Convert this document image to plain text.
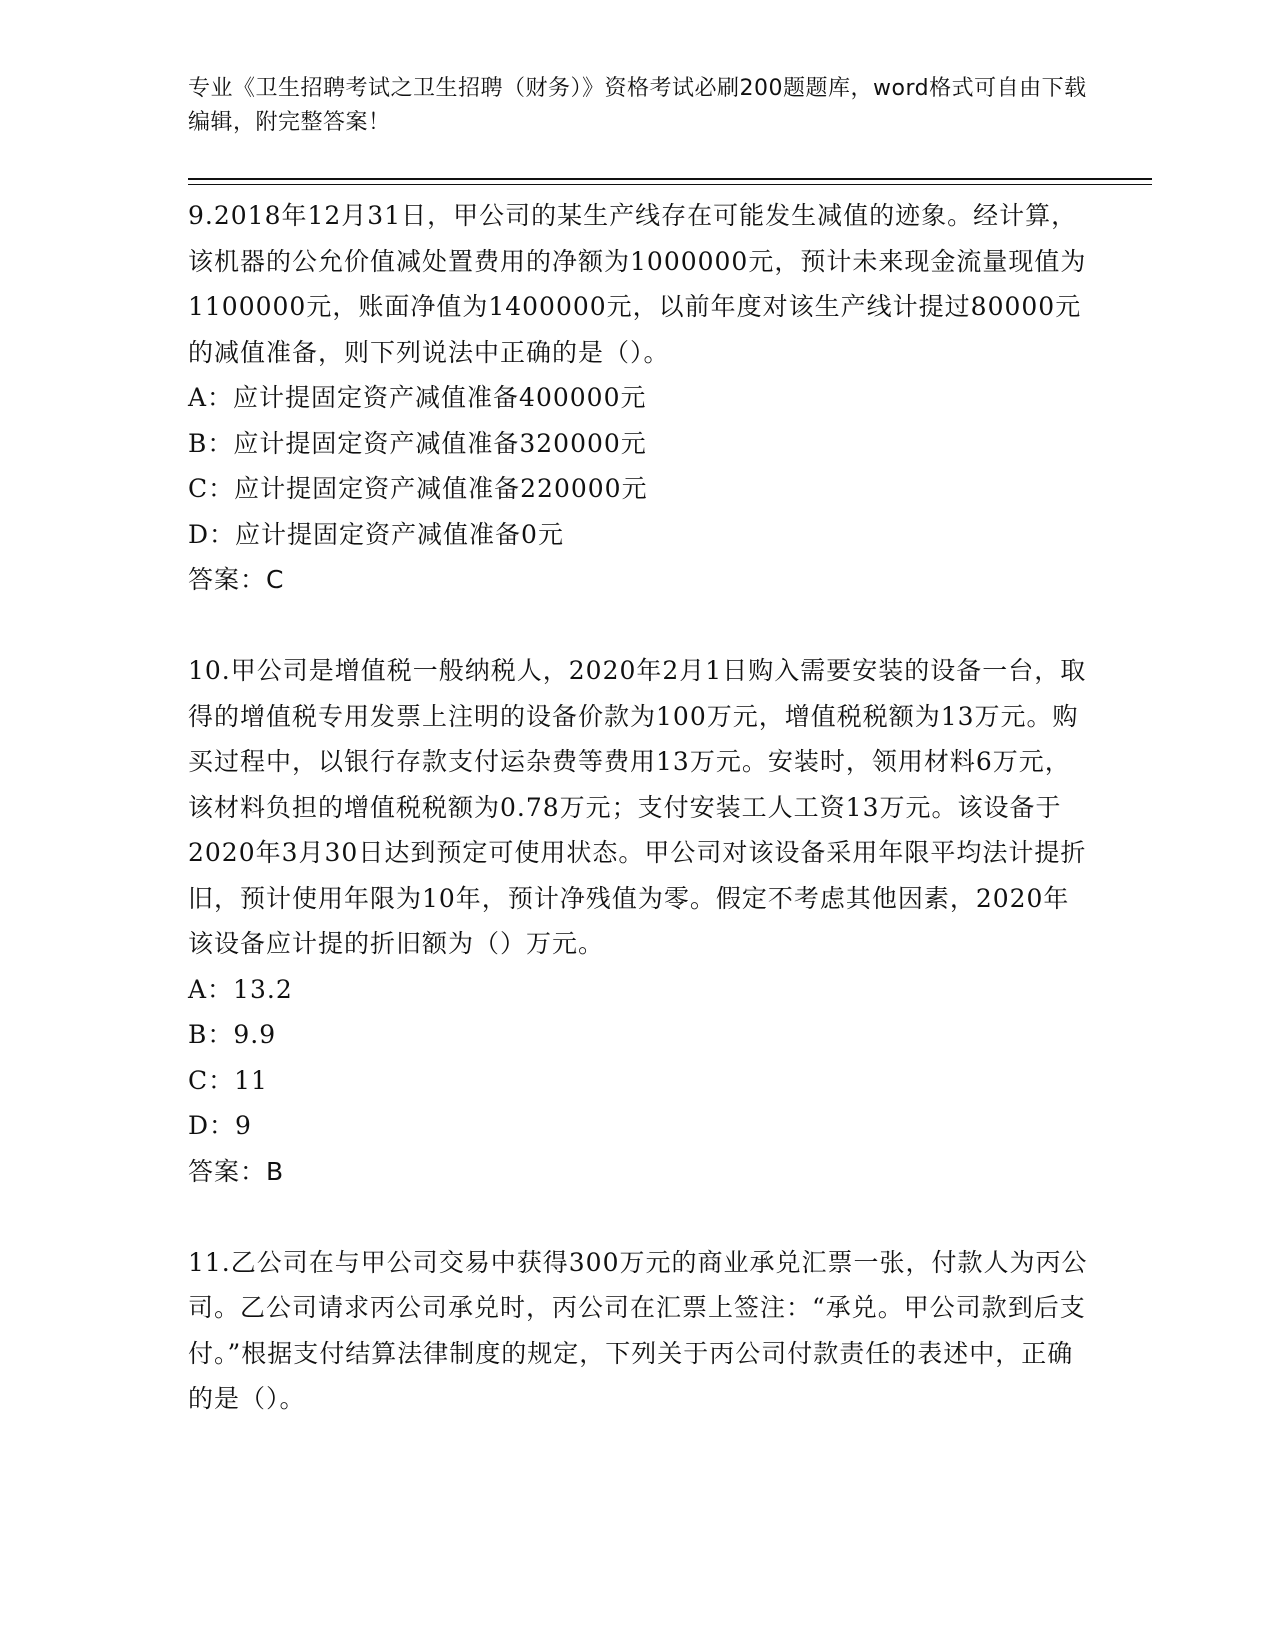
专业《卫生招聘考试之卫生招聘（财务）》资格考试必刷200题题库，word格式可自由下载编辑，附完整答案！

9.2018年12月31日，甲公司的某生产线存在可能发生减值的迹象。经计算，该机器的公允价值减处置费用的净额为1000000元，预计未来现金流量现值为1100000元，账面净值为1400000元，以前年度对该生产线计提过80000元的减值准备，则下列说法中正确的是（）。

A：应计提固定资产减值准备400000元

B：应计提固定资产减值准备320000元

C：应计提固定资产减值准备220000元

D：应计提固定资产减值准备0元

答案：C

10.甲公司是增值税一般纳税人，2020年2月1日购入需要安装的设备一台，取得的增值税专用发票上注明的设备价款为100万元，增值税税额为13万元。购买过程中，以银行存款支付运杂费等费用13万元。安装时，领用材料6万元，该材料负担的增值税税额为0.78万元；支付安装工人工资13万元。该设备于2020年3月30日达到预定可使用状态。甲公司对该设备采用年限平均法计提折旧，预计使用年限为10年，预计净残值为零。假定不考虑其他因素，2020年该设备应计提的折旧额为（）万元。

A：13.2

B：9.9

C：11

D：9

答案：B

11.乙公司在与甲公司交易中获得300万元的商业承兑汇票一张，付款人为丙公司。乙公司请求丙公司承兑时，丙公司在汇票上签注：“承兑。甲公司款到后支付。”根据支付结算法律制度的规定，下列关于丙公司付款责任的表述中，正确的是（）。
